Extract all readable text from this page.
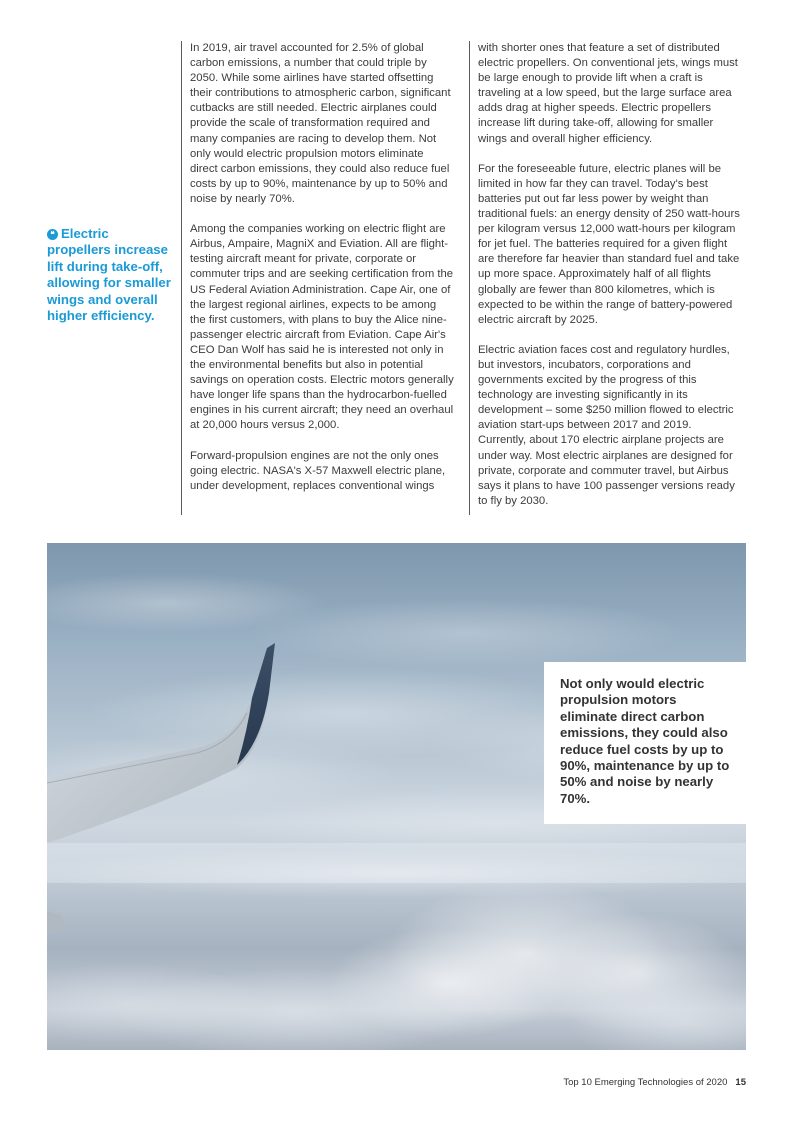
❝ Electric propellers increase lift during take-off, allowing for smaller wings and overall higher efficiency.

In 2019, air travel accounted for 2.5% of global carbon emissions, a number that could triple by 2050. While some airlines have started offsetting their contributions to atmospheric carbon, significant cutbacks are still needed. Electric airplanes could provide the scale of transformation required and many companies are racing to develop them. Not only would electric propulsion motors eliminate direct carbon emissions, they could also reduce fuel costs by up to 90%, maintenance by up to 50% and noise by nearly 70%.

Among the companies working on electric flight are Airbus, Ampaire, MagniX and Eviation. All are flight-testing aircraft meant for private, corporate or commuter trips and are seeking certification from the US Federal Aviation Administration. Cape Air, one of the largest regional airlines, expects to be among the first customers, with plans to buy the Alice nine-passenger electric aircraft from Eviation. Cape Air's CEO Dan Wolf has said he is interested not only in the environmental benefits but also in potential savings on operation costs. Electric motors generally have longer life spans than the hydrocarbon-fuelled engines in his current aircraft; they need an overhaul at 20,000 hours versus 2,000.

Forward-propulsion engines are not the only ones going electric. NASA's X-57 Maxwell electric plane, under development, replaces conventional wings

with shorter ones that feature a set of distributed electric propellers. On conventional jets, wings must be large enough to provide lift when a craft is traveling at a low speed, but the large surface area adds drag at higher speeds. Electric propellers increase lift during take-off, allowing for smaller wings and overall higher efficiency.

For the foreseeable future, electric planes will be limited in how far they can travel. Today's best batteries put out far less power by weight than traditional fuels: an energy density of 250 watt-hours per kilogram versus 12,000 watt-hours per kilogram for jet fuel. The batteries required for a given flight are therefore far heavier than standard fuel and take up more space. Approximately half of all flights globally are fewer than 800 kilometres, which is expected to be within the range of battery-powered electric aircraft by 2025.

Electric aviation faces cost and regulatory hurdles, but investors, incubators, corporations and governments excited by the progress of this technology are investing significantly in its development – some $250 million flowed to electric aviation start-ups between 2017 and 2019. Currently, about 170 electric airplane projects are under way. Most electric airplanes are designed for private, corporate and commuter travel, but Airbus says it plans to have 100 passenger versions ready to fly by 2030.

Not only would electric propulsion motors eliminate direct carbon emissions, they could also reduce fuel costs by up to 90%, maintenance by up to 50% and noise by nearly 70%.
Top 10 Emerging Technologies of 2020 15
